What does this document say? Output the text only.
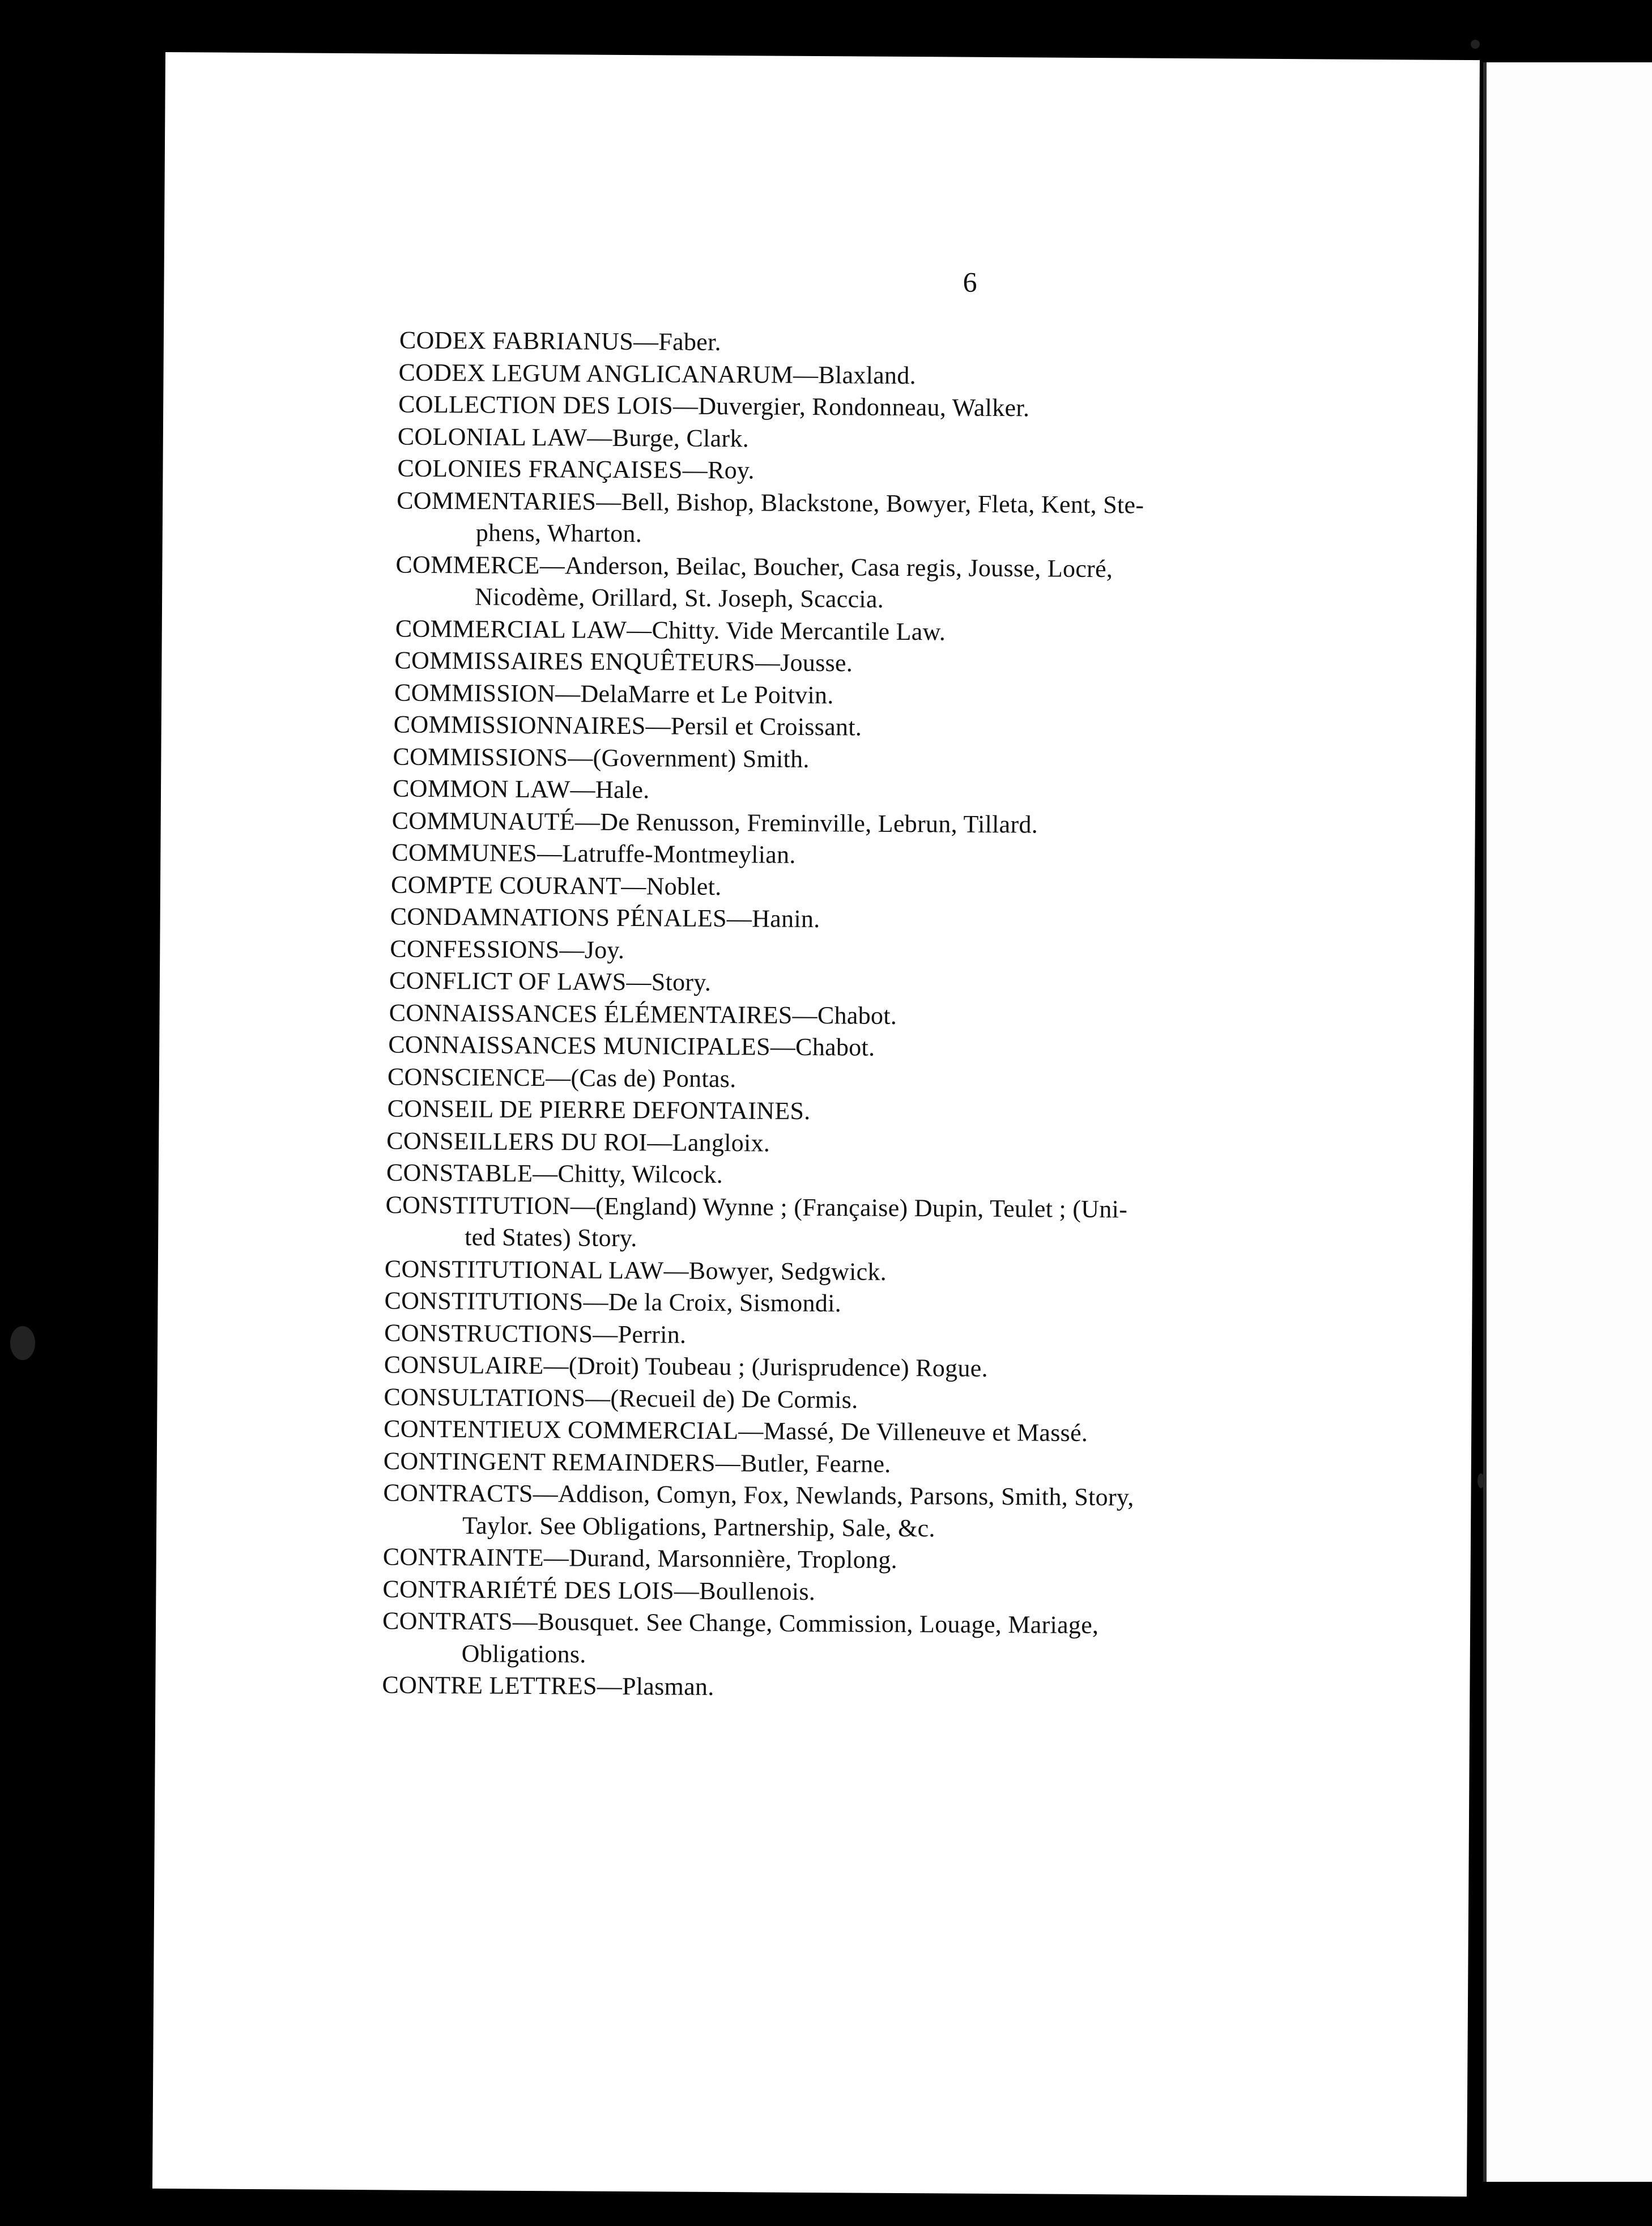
6
CODEX FABRIANUS—Faber.
CODEX LEGUM ANGLICANARUM—Blaxland.
COLLECTION DES LOIS—Duvergier, Rondonneau, Walker.
COLONIAL LAW—Burge, Clark.
COLONIES FRANÇAISES—Roy.
COMMENTARIES—Bell, Bishop, Blackstone, Bowyer, Fleta, Kent, Ste-
phens, Wharton.
COMMERCE—Anderson, Beilac, Boucher, Casa regis, Jousse, Locré,
Nicodème, Orillard, St. Joseph, Scaccia.
COMMERCIAL LAW—Chitty. Vide Mercantile Law.
COMMISSAIRES ENQUÊTEURS—Jousse.
COMMISSION—DelaMarre et Le Poitvin.
COMMISSIONNAIRES—Persil et Croissant.
COMMISSIONS—(Government) Smith.
COMMON LAW—Hale.
COMMUNAUTÉ—De Renusson, Freminville, Lebrun, Tillard.
COMMUNES—Latruffe-Montmeylian.
COMPTE COURANT—Noblet.
CONDAMNATIONS PÉNALES—Hanin.
CONFESSIONS—Joy.
CONFLICT OF LAWS—Story.
CONNAISSANCES ÉLÉMENTAIRES—Chabot.
CONNAISSANCES MUNICIPALES—Chabot.
CONSCIENCE—(Cas de) Pontas.
CONSEIL DE PIERRE DEFONTAINES.
CONSEILLERS DU ROI—Langloix.
CONSTABLE—Chitty, Wilcock.
CONSTITUTION—(England) Wynne ; (Française) Dupin, Teulet ; (Uni-
ted States) Story.
CONSTITUTIONAL LAW—Bowyer, Sedgwick.
CONSTITUTIONS—De la Croix, Sismondi.
CONSTRUCTIONS—Perrin.
CONSULAIRE—(Droit) Toubeau ; (Jurisprudence) Rogue.
CONSULTATIONS—(Recueil de) De Cormis.
CONTENTIEUX COMMERCIAL—Massé, De Villeneuve et Massé.
CONTINGENT REMAINDERS—Butler, Fearne.
CONTRACTS—Addison, Comyn, Fox, Newlands, Parsons, Smith, Story,
Taylor. See Obligations, Partnership, Sale, &c.
CONTRAINTE—Durand, Marsonnière, Troplong.
CONTRARIÉTÉ DES LOIS—Boullenois.
CONTRATS—Bousquet. See Change, Commission, Louage, Mariage,
Obligations.
CONTRE LETTRES—Plasman.
